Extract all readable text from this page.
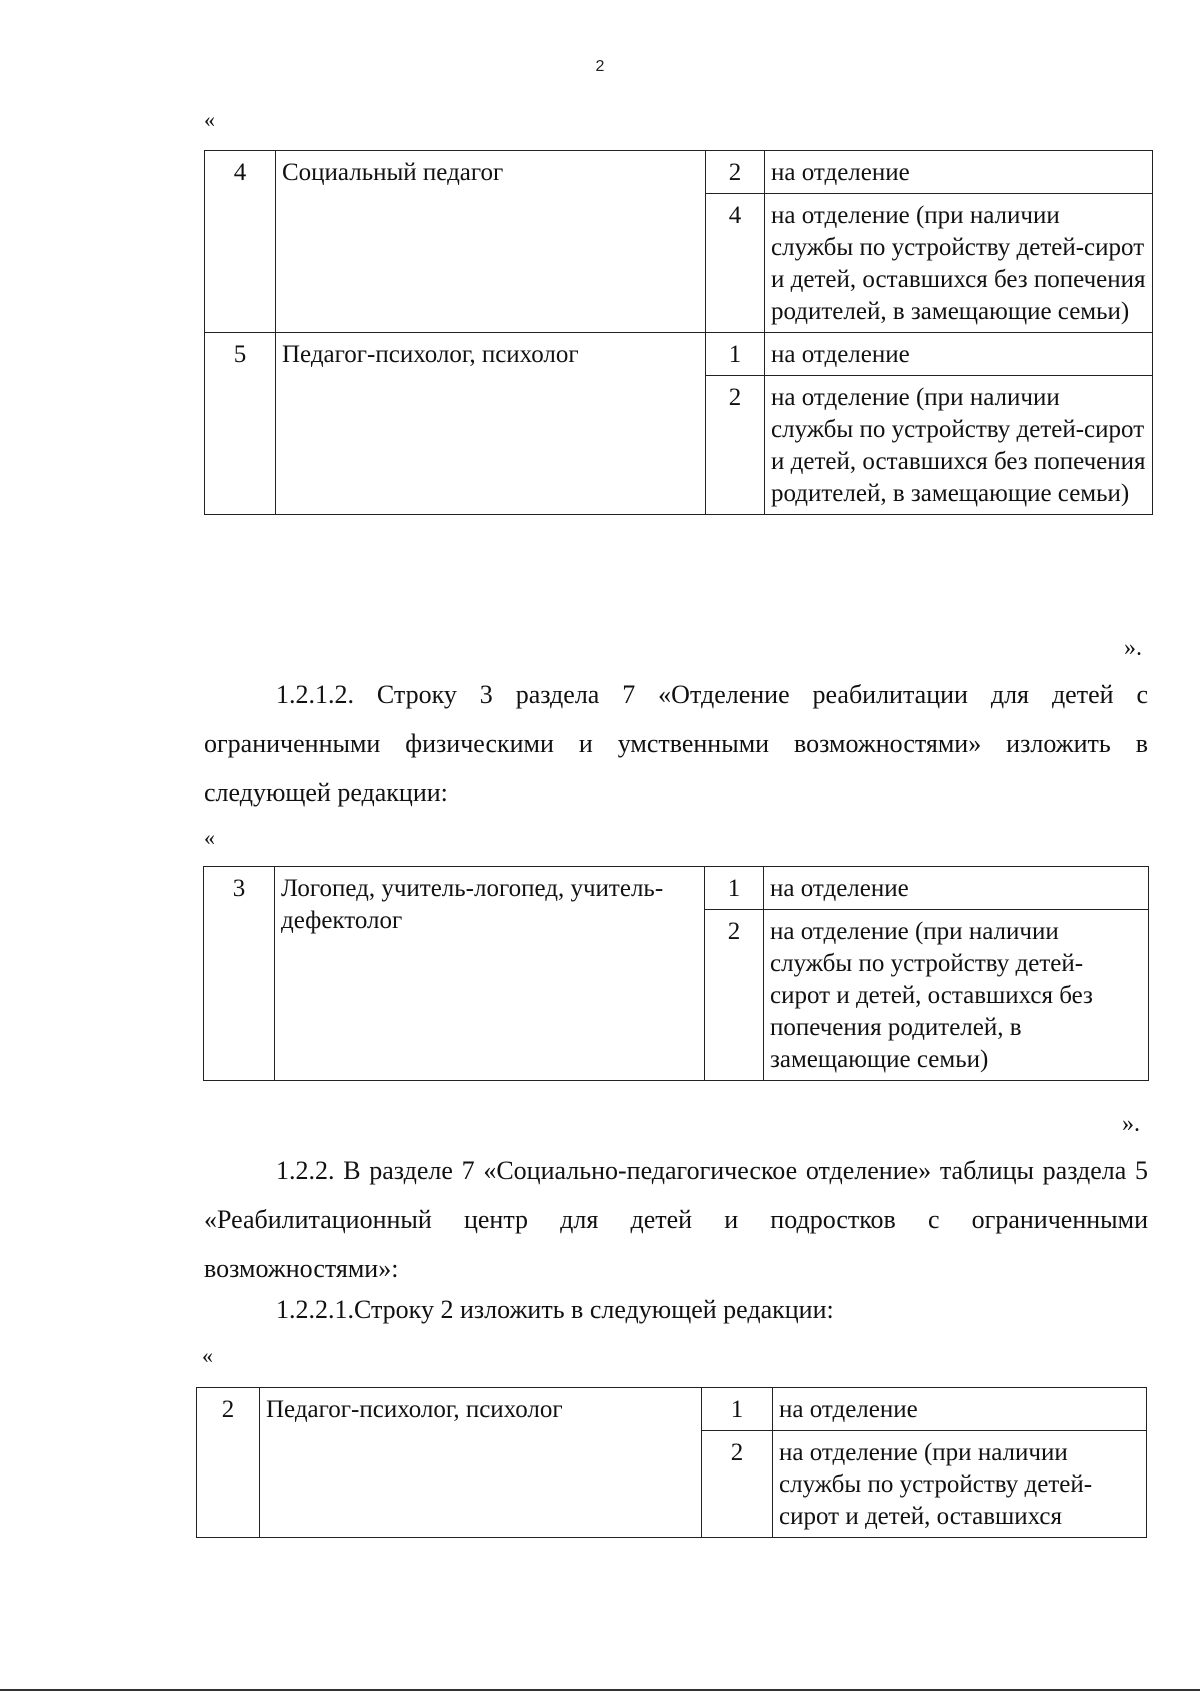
2
«
4	Социальный педагог	2	на отделение
		4	на отделение (при наличии службы по устройству детей-сирот и детей, оставшихся без попечения родителей, в замещающие семьи)
5	Педагог-психолог, психолог	1	на отделение
		2	на отделение (при наличии службы по устройству детей-сирот и детей, оставшихся без попечения родителей, в замещающие семьи)
».

1.2.1.2. Строку 3 раздела 7 «Отделение реабилитации для детей с ограниченными физическими и умственными возможностями» изложить в следующей редакции:

«
3	Логопед, учитель-логопед, учитель-дефектолог	1	на отделение
		2	на отделение (при наличии службы по устройству детей-сирот и детей, оставшихся без попечения родителей, в замещающие семьи)
».

1.2.2. В разделе 7 «Социально-педагогическое отделение» таблицы раздела 5 «Реабилитационный центр для детей и подростков с ограниченными возможностями»:

1.2.2.1.Строку 2 изложить в следующей редакции:

«
2	Педагог-психолог, психолог	1	на отделение
		2	на отделение (при наличии службы по устройству детей-сирот и детей, оставшихся
